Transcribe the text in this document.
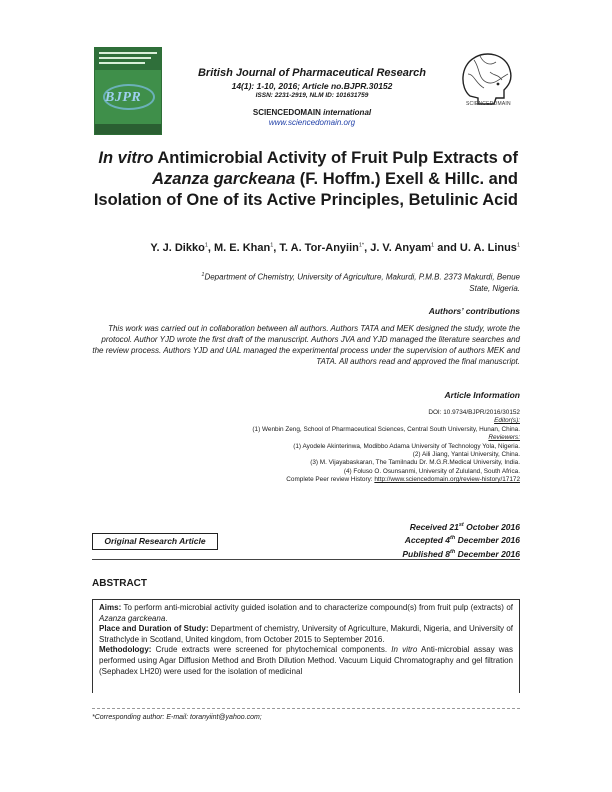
BJPR	SCIENCEDOMAIN
British Journal of Pharmaceutical Research
14(1): 1-10, 2016; Article no.BJPR.30152
ISSN: 2231-2919, NLM ID: 101631759
SCIENCEDOMAIN international
www.sciencedomain.org
In vitro Antimicrobial Activity of Fruit Pulp Extracts of Azanza garckeana (F. Hoffm.) Exell & Hillc. and Isolation of One of its Active Principles, Betulinic Acid
Y. J. Dikko$^1$, M. E. Khan$^1$, T. A. Tor-Anyiin$^{1*}$, J. V. Anyam$^1$ and U. A. Linus$^1$
$^1$Department of Chemistry, University of Agriculture, Makurdi, P.M.B. 2373 Makurdi, Benue State, Nigeria.
Authors’ contributions
This work was carried out in collaboration between all authors. Authors TATA and MEK designed the study, wrote the protocol. Author YJD wrote the first draft of the manuscript. Authors JVA and YJD managed the literature searches and the review process. Authors YJD and UAL managed the experimental process under the supervision of authors MEK and TATA. All authors read and approved the final manuscript.
Article Information
DOI: 10.9734/BJPR/2016/30152
Editor(s):
(1) Wenbin Zeng, School of Pharmaceutical Sciences, Central South University, Hunan, China.
Reviewers:
(1) Ayodele Akinterinwa, Modibbo Adama University of Technology Yola, Nigeria.
(2) Aili Jiang, Yantai University, China.
(3) M. Vijayabaskaran, The Tamilnadu Dr. M.G.R.Medical University, India.
(4) Foluso O. Osunsanmi, University of Zululand, South Africa.
Complete Peer review History: http://www.sciencedomain.org/review-history/17172
Original Research Article
Received 21st October 2016
Accepted 4th December 2016
Published 8th December 2016
ABSTRACT
Aims: To perform anti-microbial activity guided isolation and to characterize compound(s) from fruit pulp (extracts) of Azanza garckeana.
Place and Duration of Study: Department of chemistry, University of Agriculture, Makurdi, Nigeria, and University of Strathclyde in Scotland, United kingdom, from October 2015 to September 2016.
Methodology: Crude extracts were screened for phytochemical components. In vitro Anti-microbial assay was performed using Agar Diffusion Method and Broth Dilution Method. Vacuum Liquid Chromatography and gel filtration (Sephadex LH20) were used for the isolation of medicinal
*Corresponding author: E-mail: toranyiint@yahoo.com;
